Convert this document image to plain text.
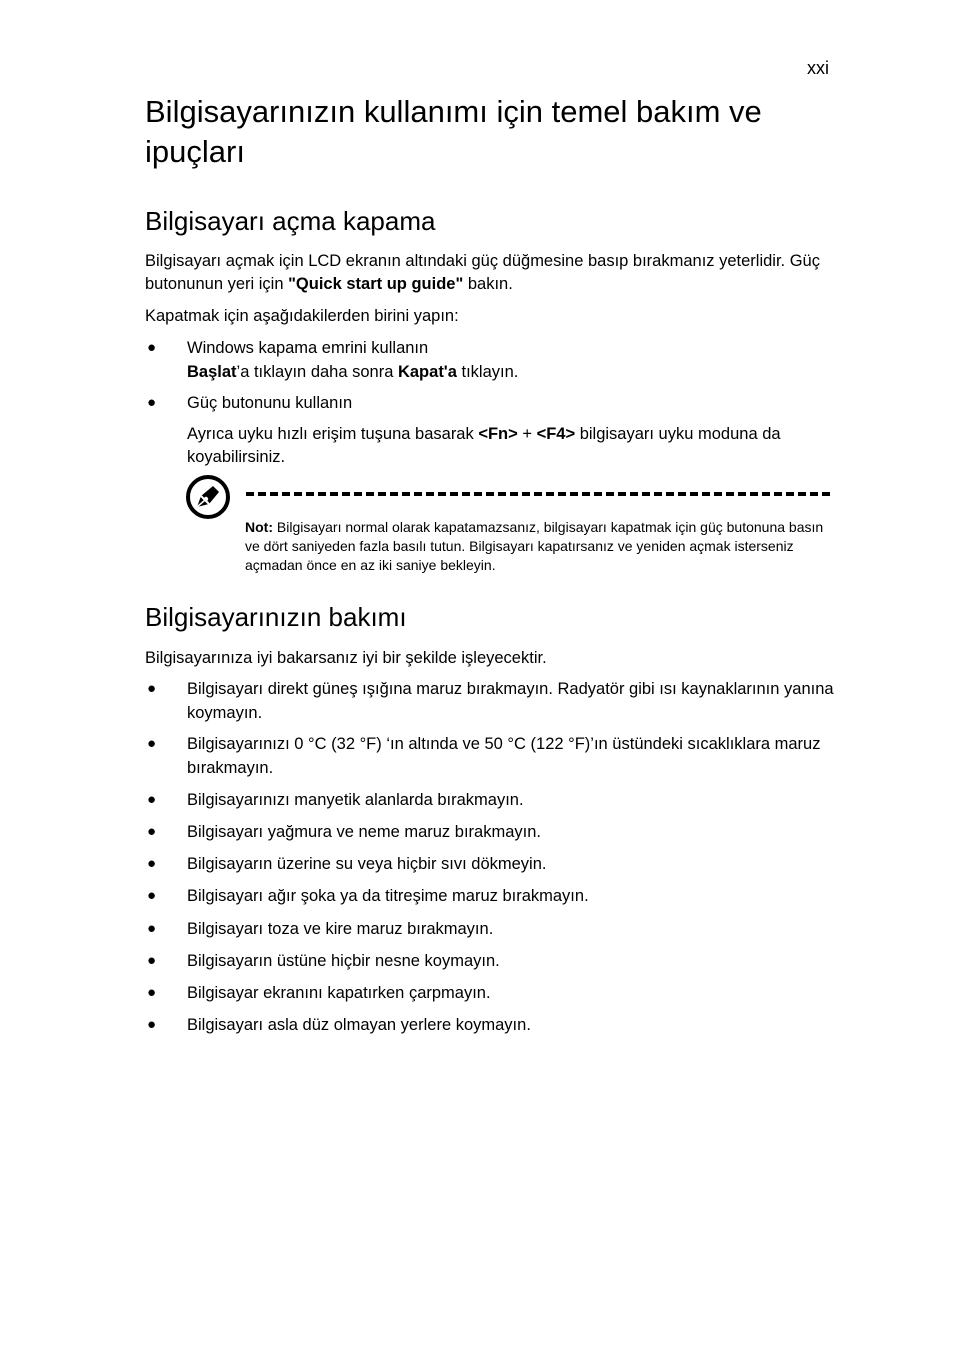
xxi
Bilgisayarınızın kullanımı için temel bakım ve ipuçları
Bilgisayarı açma kapama

Bilgisayarı açmak için LCD ekranın altındaki güç düğmesine basıp bırakmanız yeterlidir. Güç butonunun yeri için "Quick start up guide" bakın.

Kapatmak için aşağıdakilerden birini yapın:

●	Windows kapama emrini kullanın
Başlat’a tıklayın daha sonra Kapat'a tıklayın.
●	Güç butonunu kullanın

Ayrıca uyku hızlı erişim tuşuna basarak <Fn> + <F4> bilgisayarı uyku moduna da koyabilirsiniz.

Not: Bilgisayarı normal olarak kapatamazsanız, bilgisayarı kapatmak için güç butonuna basın ve dört saniyeden fazla basılı tutun. Bilgisayarı kapatırsanız ve yeniden açmak isterseniz açmadan önce en az iki saniye bekleyin.

Bilgisayarınızın bakımı

Bilgisayarınıza iyi bakarsanız iyi bir şekilde işleyecektir.

●	Bilgisayarı direkt güneş ışığına maruz bırakmayın. Radyatör gibi ısı kaynaklarının yanına koymayın.
●	Bilgisayarınızı 0 °C (32 °F) ‘ın altında ve 50 °C (122 °F)’ın üstündeki sıcaklıklara maruz bırakmayın.
●	Bilgisayarınızı manyetik alanlarda bırakmayın.
●	Bilgisayarı yağmura ve neme maruz bırakmayın.
●	Bilgisayarın üzerine su veya hiçbir sıvı dökmeyin.
●	Bilgisayarı ağır şoka ya da titreşime maruz bırakmayın.
●	Bilgisayarı toza ve kire maruz bırakmayın.
●	Bilgisayarın üstüne hiçbir nesne koymayın.
●	Bilgisayar ekranını kapatırken çarpmayın.
●	Bilgisayarı asla düz olmayan yerlere koymayın.
